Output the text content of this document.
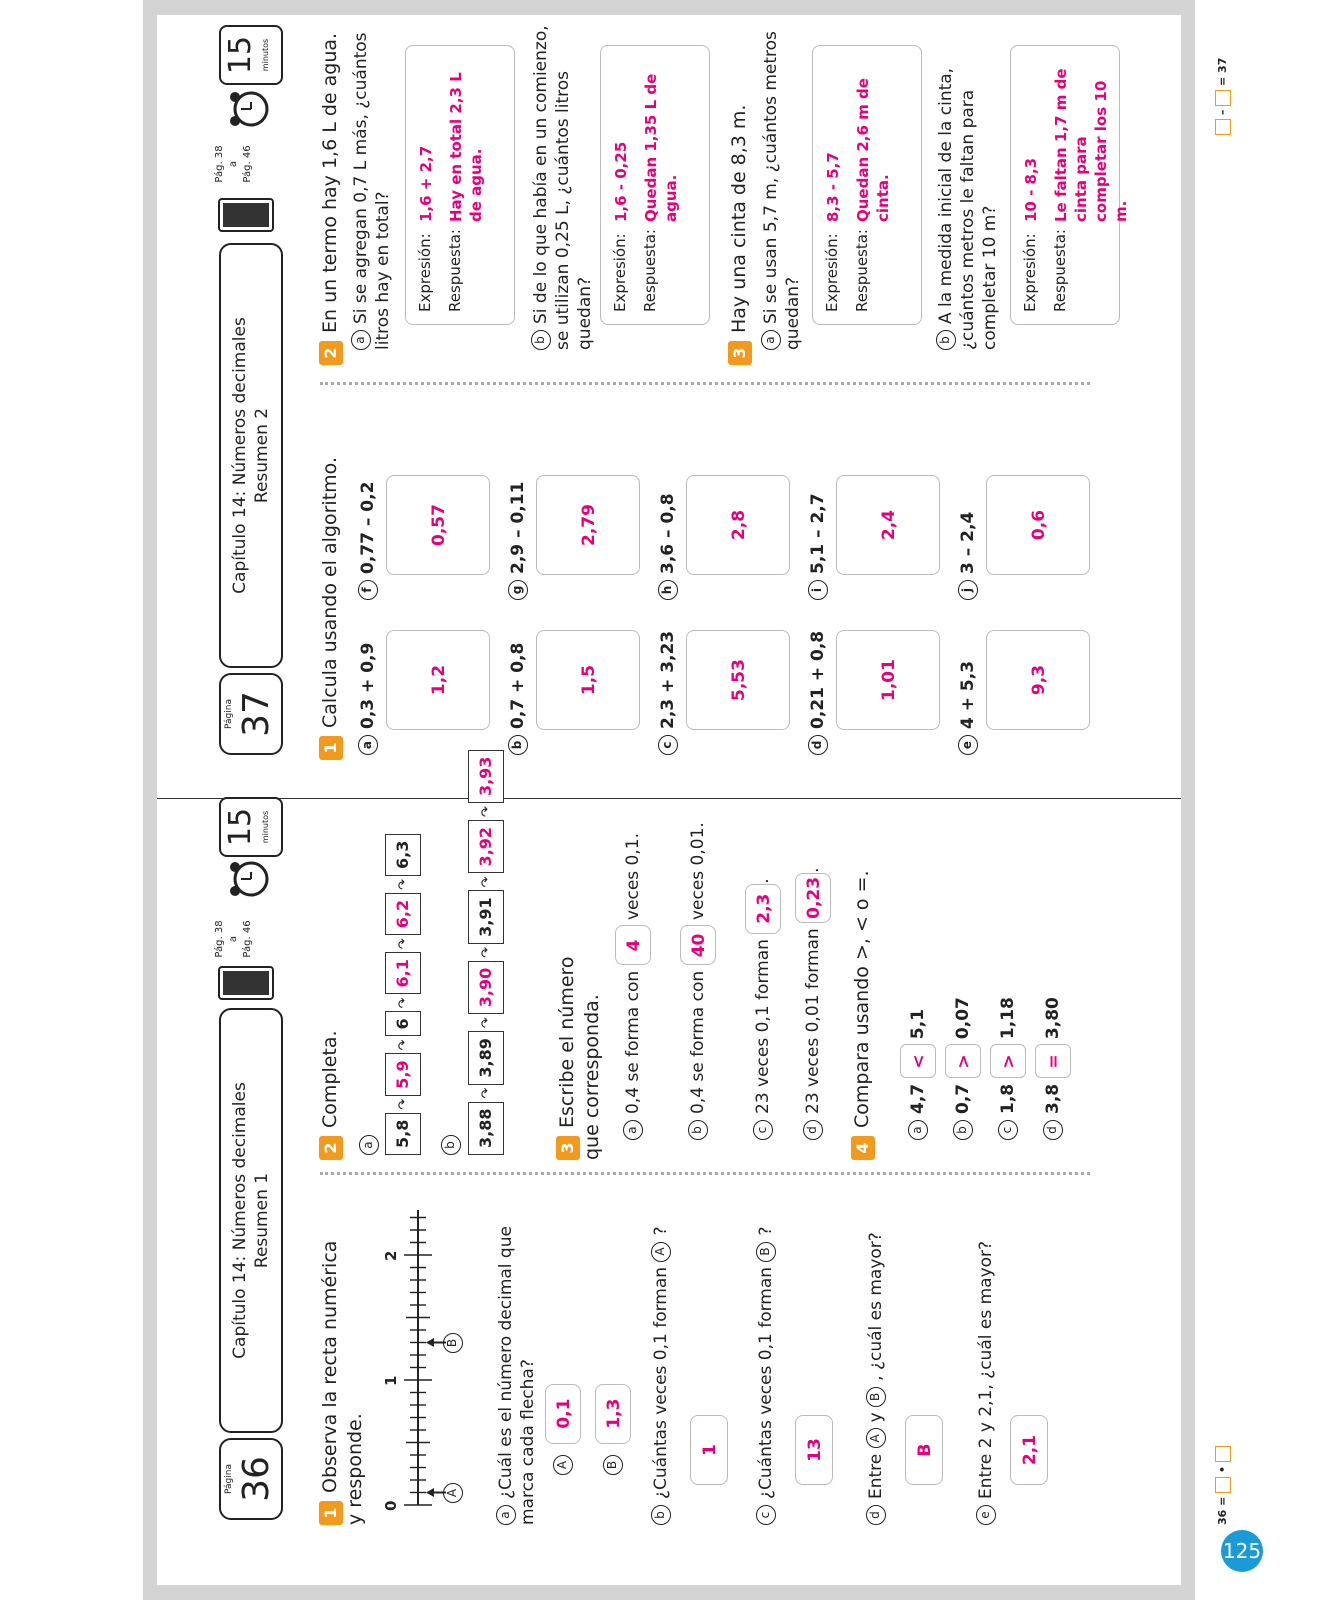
Página 36
Capítulo 14: Números decimales Resumen 1
Pág. 38 a Pág. 46
15 minutos
1Observa la recta numérica y responde. 0
1
2
A
B
a¿Cuál es el número decimal que marca cada flecha?	A 0,1
B 1,3
b¿Cuántas veces 0,1 forman A?
1
c¿Cuántas veces 0,1 forman B?
13
dEntre Ay B, ¿cuál es mayor?
B
eEntre 2 y 2,1, ¿cuál es mayor?	2,1
2Completa.
a	5,8↷5,9↷6↷6,1↷6,2↷6,3
b	3,88↷3,89↷3,90↷3,91↷3,92↷3,93
3Escribe el número que corresponda.	a0,4 se forma con 4 veces 0,1.
b0,4 se forma con 40 veces 0,01.
c23 veces 0,1 forman 2,3.
d23 veces 0,01 forman 0,23.
4Compara usando >, < o =.
a4,7 < 5,1
b0,7 > 0,07
c1,8 > 1,18
d3,8 = 3,80
36 =  •
Página 37
Capítulo 14: Números decimales Resumen 2
Pág. 38 a Pág. 46
15 minutos
1Calcula usando el algoritmo.
a0,3 + 0,9	1,2
f0,77 – 0,2	0,57
b0,7 + 0,8	1,5
g2,9 – 0,11	2,79
c2,3 + 3,23	5,53
h3,6 – 0,8	2,8
d0,21 + 0,8	1,01
i5,1 – 2,7	2,4
e4 + 5,3	9,3
j3 – 2,4	0,6
2En un termo hay 1,6 L de agua.
aSi se agregan 0,7 L más, ¿cuántos litros hay en total? Expresión:
1,6 + 2,7
Respuesta:
Hay en total 2,3 L de agua.
bSi de lo que había en un comienzo, se utilizan 0,25 L, ¿cuántos litros quedan?
Expresión:
1,6 - 0,25
Respuesta:
Quedan 1,35 L de agua.
3Hay una cinta de 8,3 m.
aSi se usan 5,7 m, ¿cuántos metros quedan?
Expresión:
8,3 - 5,7
Respuesta:
Quedan 2,6 m de cinta.
bA la medida inicial de la cinta, ¿cuántos metros le faltan para completar 10 m? Expresión:
10 - 8,3
Respuesta:
Le faltan 1,7 m de cinta para completar los 10 m.
–  = 37
125
